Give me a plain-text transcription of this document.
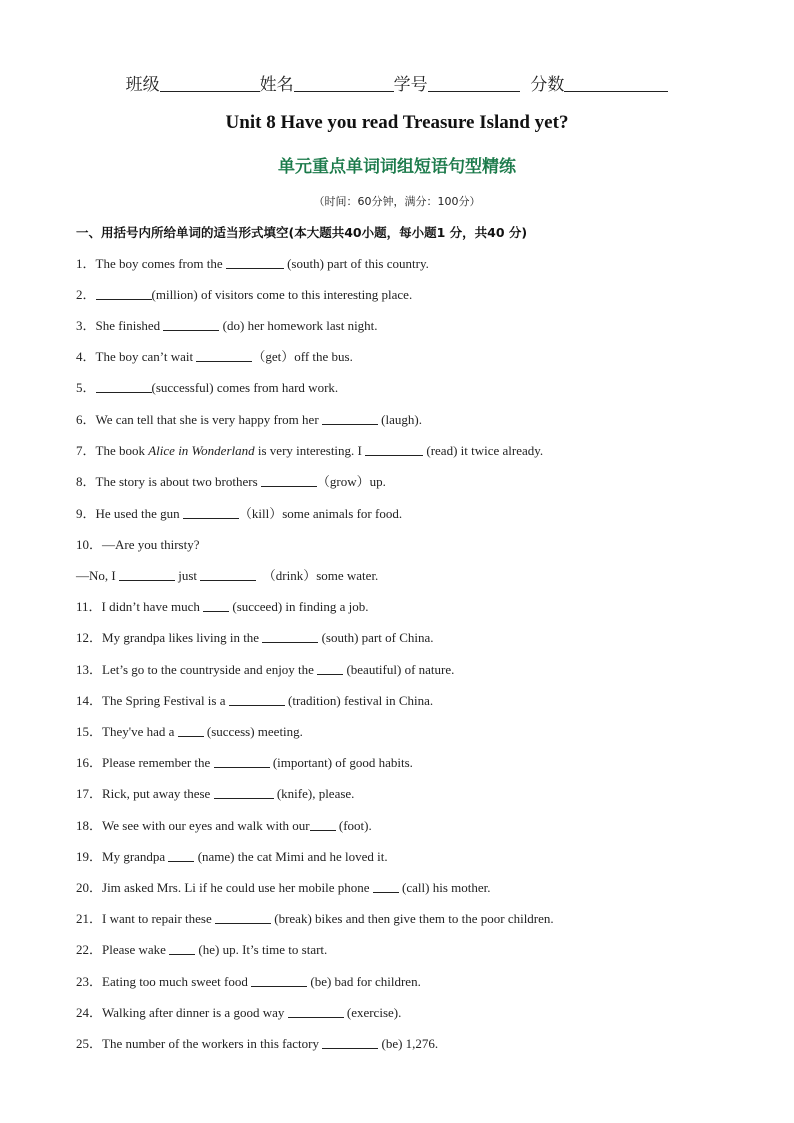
班级	姓名	学号	分数
Unit 8 Have you read Treasure Island yet?
单元重点单词词组短语句型精练
（时间：60分钟，满分：100分）
一、用括号内所给单词的适当形式填空(本大题共40小题，每小题1 分，共40 分)
1．The boy comes from the	(south) part of this country.
2．	(million) of visitors come to this interesting place.
3．She finished	(do) her homework last night.
4．The boy can’t wait	（get）off the bus.
5．	(successful) comes from hard work.
6．We can tell that she is very happy from her	(laugh).
7．The book Alice in Wonderland is very interesting. I	(read) it twice already.
8．The story is about two brothers	（grow）up.
9．He used the gun	（kill）some animals for food.
10．—Are you thirsty?
—No, I	just	（drink）some water.
11．I didn’t have much	(succeed) in finding a job.
12．My grandpa likes living in the	(south) part of China.
13．Let’s go to the countryside and enjoy the	(beautiful) of nature.
14．The Spring Festival is a	(tradition) festival in China.
15．They've had a	(success) meeting.
16．Please remember the	(important) of good habits.
17．Rick, put away these	(knife), please.
18．We see with our eyes and walk with our (foot).
19．My grandpa	(name) the cat Mimi and he loved it.
20．Jim asked Mrs. Li if he could use her mobile phone	(call) his mother.
21．I want to repair these	(break) bikes and then give them to the poor children.
22．Please wake	(he) up. It’s time to start.
23．Eating too much sweet food	(be) bad for children.
24．Walking after dinner is a good way	(exercise).
25．The number of the workers in this factory	(be) 1,276.
